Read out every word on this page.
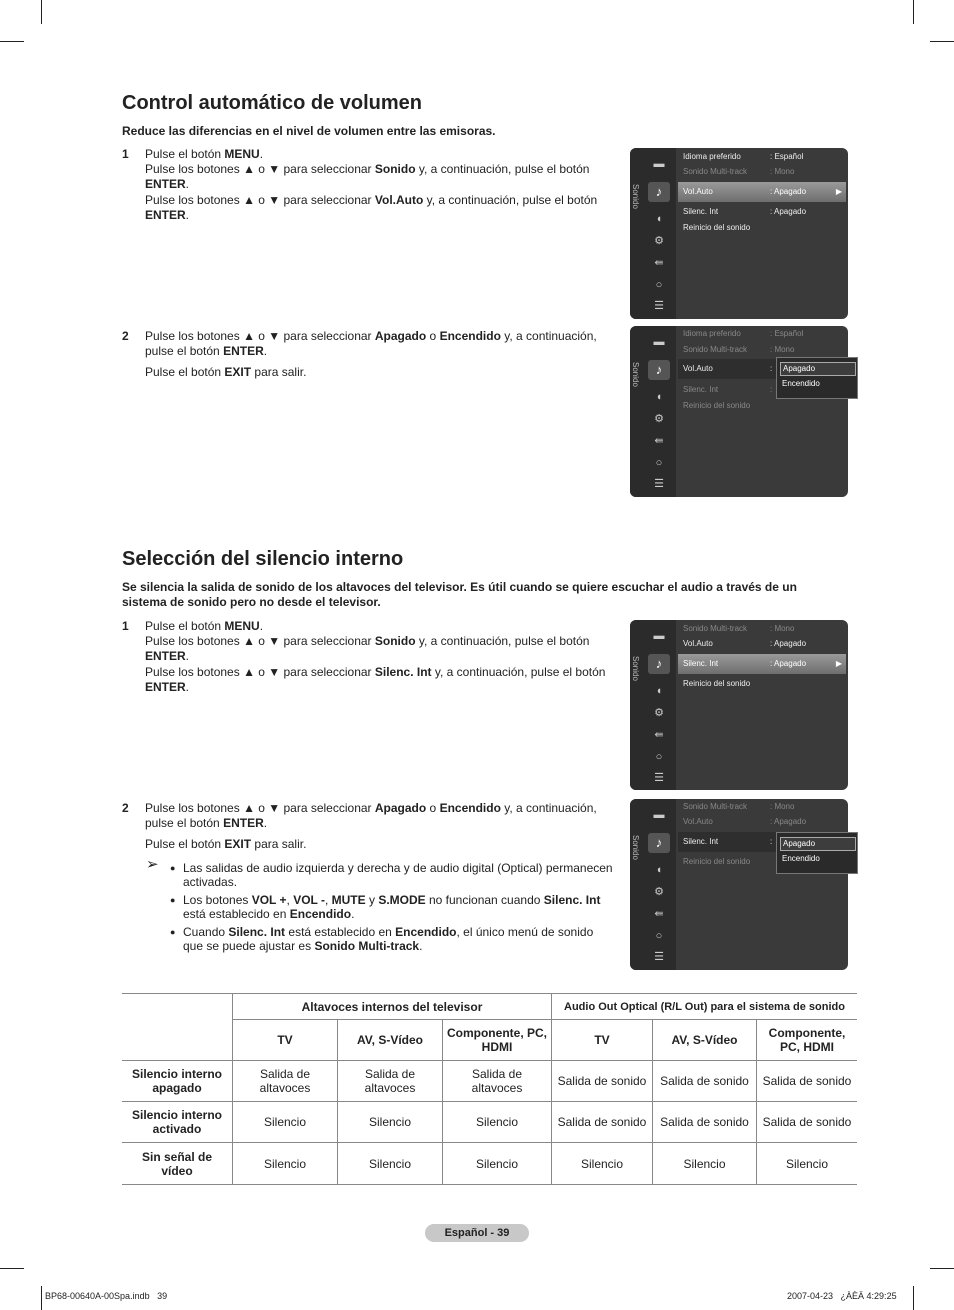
Control automático de volumen
Reduce las diferencias en el nivel de volumen entre las emisoras.
1 Pulse el botón MENU.

Pulse los botones ▲ o ▼ para seleccionar Sonido y, a continuación, pulse el botón

ENTER.

Pulse los botones ▲ o ▼ para seleccionar Vol.Auto y, a continuación, pulse el botón

ENTER.

2 Pulse los botones ▲ o ▼ para seleccionar Apagado o Encendido y, a continuación,

pulse el botón ENTER.

Pulse el botón EXIT para salir.

Sonido
▬
♪
◖
⚙
⇚
○
☰
Idioma preferido	: Español
Sonido Multi-track	: Mono
Vol.Auto	: Apagado	▶
Silenc. Int	: Apagado
Reinicio del sonido
Sonido
▬
♪
◖
⚙
⇚
○
☰
Idioma preferido	: Español
Sonido Multi-track	: Mono
Vol.Auto	:
Silenc. Int	:
Reinicio del sonido
Apagado
Encendido
Selección del silencio interno
Se silencia la salida de sonido de los altavoces del televisor. Es útil cuando se quiere escuchar el audio a través de un
sistema de sonido pero no desde el televisor.
1 Pulse el botón MENU.

Pulse los botones ▲ o ▼ para seleccionar Sonido y, a continuación, pulse el botón

ENTER.

Pulse los botones ▲ o ▼ para seleccionar Silenc. Int y, a continuación, pulse el botón

ENTER.

2 Pulse los botones ▲ o ▼ para seleccionar Apagado o Encendido y, a continuación,

pulse el botón ENTER.

Pulse el botón EXIT para salir.

➢	● Las salidas de audio izquierda y derecha y de audio digital (Optical) permanecen activadas.
● Los botones VOL +, VOL -, MUTE y S.MODE no funcionan cuando Silenc. Int está establecido en Encendido.
● Cuando Silenc. Int está establecido en Encendido, el único menú de sonido que se puede ajustar es Sonido Multi-track.
Sonido
▬
♪
◖
⚙
⇚
○
☰
Sonido Multi-track	: Mono
Vol.Auto	: Apagado
Silenc. Int	: Apagado	▶
Reinicio del sonido
Sonido
▬
♪
◖
⚙
⇚
○
☰
Sonido Multi-track	: Mono
Vol.Auto	: Apagado
Silenc. Int	:
Reinicio del sonido
Apagado
Encendido
	Altavoces internos del televisor			Audio Out Optical (R/L Out) para el sistema de sonido		
	TV	AV, S-Vídeo	Componente, PC, HDMI	TV	AV, S-Vídeo	Componente, PC, HDMI
Silencio interno apagado	Salida de altavoces	Salida de altavoces	Salida de altavoces	Salida de sonido	Salida de sonido	Salida de sonido
Silencio interno activado	Silencio	Silencio	Silencio	Salida de sonido	Salida de sonido	Salida de sonido
Sin señal de vídeo	Silencio	Silencio	Silencio	Silencio	Silencio	Silencio
Español - 39
BP68-00640A-00Spa.indb   39	2007-04-23   ¿ÀÈÄ 4:29:25
